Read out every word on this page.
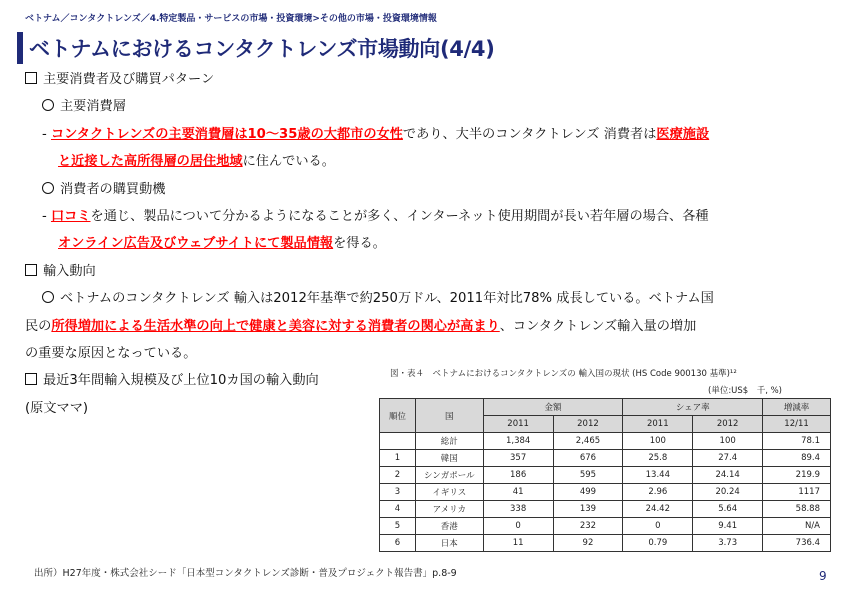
ベトナム／コンタクトレンズ／4.特定製品・サービスの市場・投資環境>その他の市場・投資環境情報
ベトナムにおけるコンタクトレンズ市場動向(4/4)
主要消費者及び購買パターン
主要消費層
- コンタクトレンズの主要消費層は10～35歳の大都市の女性であり、大半のコンタクトレンズ 消費者は医療施設
と近接した高所得層の居住地域に住んでいる。
消費者の購買動機
- 口コミを通じ、製品について分かるようになることが多く、インターネット使用期間が長い若年層の場合、各種
オンライン広告及びウェブサイトにて製品情報を得る。
輸入動向
ベトナムのコンタクトレンズ 輸入は2012年基準で約250万ドル、2011年対比78% 成長している。ベトナム国
民の所得増加による生活水準の向上で健康と美容に対する消費者の関心が高まり、コンタクトレンズ輸入量の増加
の重要な原因となっている。
最近3年間輸入規模及び上位10カ国の輸入動向
(原文ママ)
図・表４　ベトナムにおけるコンタクトレンズの 輸入国の現状 (HS Code 900130 基準)¹²
(単位:US$　千, %)
順位	国	金額		シェア率		増減率
		2011	2012	2011	2012	12/11
	総計	1,384	2,465	100	100	78.1
1	韓国	357	676	25.8	27.4	89.4
2	シンガポール	186	595	13.44	24.14	219.9
3	イギリス	41	499	2.96	20.24	1117
4	アメリカ	338	139	24.42	5.64	58.88
5	香港	0	232	0	9.41	N/A
6	日本	11	92	0.79	3.73	736.4
出所）H27年度・株式会社シード「日本型コンタクトレンズ診断・普及プロジェクト報告書」p.8-9	9
